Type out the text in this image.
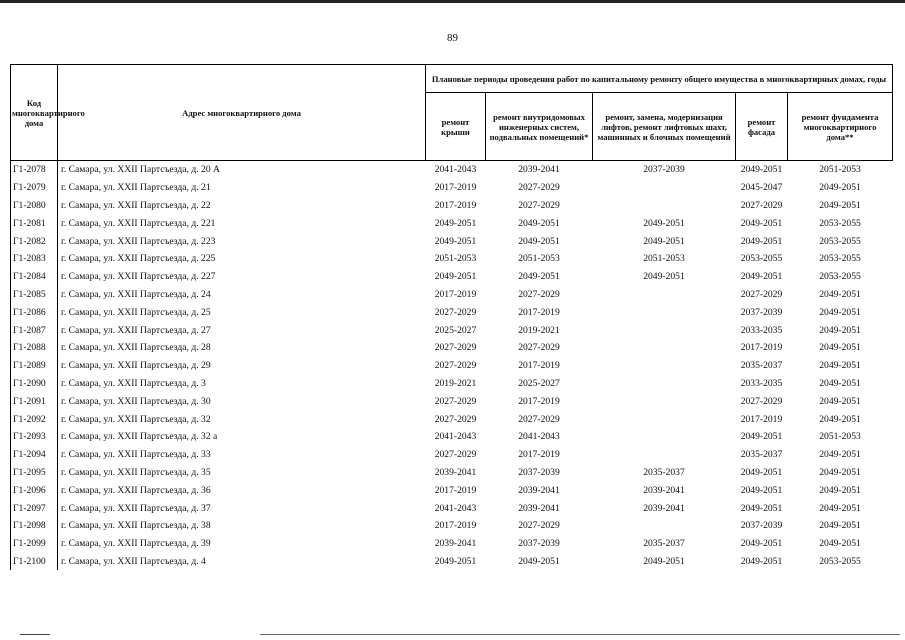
89
Код многоквартирного дома	Адрес многоквартирного дома	Плановые периоды проведения работ по капитальному ремонту общего имущества в многоквартирных домах, годы				
		ремонт крыши	ремонт внутридомовых инженерных систем, подвальных помещений*	ремонт, замена, модернизация лифтов, ремонт лифтовых шахт, машинных и блочных помещений	ремонт фасада	ремонт фундамента многоквартирного дома**
Г1-2078	г. Самара, ул. XXII Партсъезда, д. 20 А	2041-2043	2039-2041	2037-2039	2049-2051	2051-2053
Г1-2079	г. Самара, ул. XXII Партсъезда, д. 21	2017-2019	2027-2029		2045-2047	2049-2051
Г1-2080	г. Самара, ул. XXII Партсъезда, д. 22	2017-2019	2027-2029		2027-2029	2049-2051
Г1-2081	г. Самара, ул. XXII Партсъезда, д. 221	2049-2051	2049-2051	2049-2051	2049-2051	2053-2055
Г1-2082	г. Самара, ул. XXII Партсъезда, д. 223	2049-2051	2049-2051	2049-2051	2049-2051	2053-2055
Г1-2083	г. Самара, ул. XXII Партсъезда, д. 225	2051-2053	2051-2053	2051-2053	2053-2055	2053-2055
Г1-2084	г. Самара, ул. XXII Партсъезда, д. 227	2049-2051	2049-2051	2049-2051	2049-2051	2053-2055
Г1-2085	г. Самара, ул. XXII Партсъезда, д. 24	2017-2019	2027-2029		2027-2029	2049-2051
Г1-2086	г. Самара, ул. XXII Партсъезда, д. 25	2027-2029	2017-2019		2037-2039	2049-2051
Г1-2087	г. Самара, ул. XXII Партсъезда, д. 27	2025-2027	2019-2021		2033-2035	2049-2051
Г1-2088	г. Самара, ул. XXII Партсъезда, д. 28	2027-2029	2027-2029		2017-2019	2049-2051
Г1-2089	г. Самара, ул. XXII Партсъезда, д. 29	2027-2029	2017-2019		2035-2037	2049-2051
Г1-2090	г. Самара, ул. XXII Партсъезда, д. 3	2019-2021	2025-2027		2033-2035	2049-2051
Г1-2091	г. Самара, ул. XXII Партсъезда, д. 30	2027-2029	2017-2019		2027-2029	2049-2051
Г1-2092	г. Самара, ул. XXII Партсъезда, д. 32	2027-2029	2027-2029		2017-2019	2049-2051
Г1-2093	г. Самара, ул. XXII Партсъезда, д. 32 а	2041-2043	2041-2043		2049-2051	2051-2053
Г1-2094	г. Самара, ул. XXII Партсъезда, д. 33	2027-2029	2017-2019		2035-2037	2049-2051
Г1-2095	г. Самара, ул. XXII Партсъезда, д. 35	2039-2041	2037-2039	2035-2037	2049-2051	2049-2051
Г1-2096	г. Самара, ул. XXII Партсъезда, д. 36	2017-2019	2039-2041	2039-2041	2049-2051	2049-2051
Г1-2097	г. Самара, ул. XXII Партсъезда, д. 37	2041-2043	2039-2041	2039-2041	2049-2051	2049-2051
Г1-2098	г. Самара, ул. XXII Партсъезда, д. 38	2017-2019	2027-2029		2037-2039	2049-2051
Г1-2099	г. Самара, ул. XXII Партсъезда, д. 39	2039-2041	2037-2039	2035-2037	2049-2051	2049-2051
Г1-2100	г. Самара, ул. XXII Партсъезда, д. 4	2049-2051	2049-2051	2049-2051	2049-2051	2053-2055
